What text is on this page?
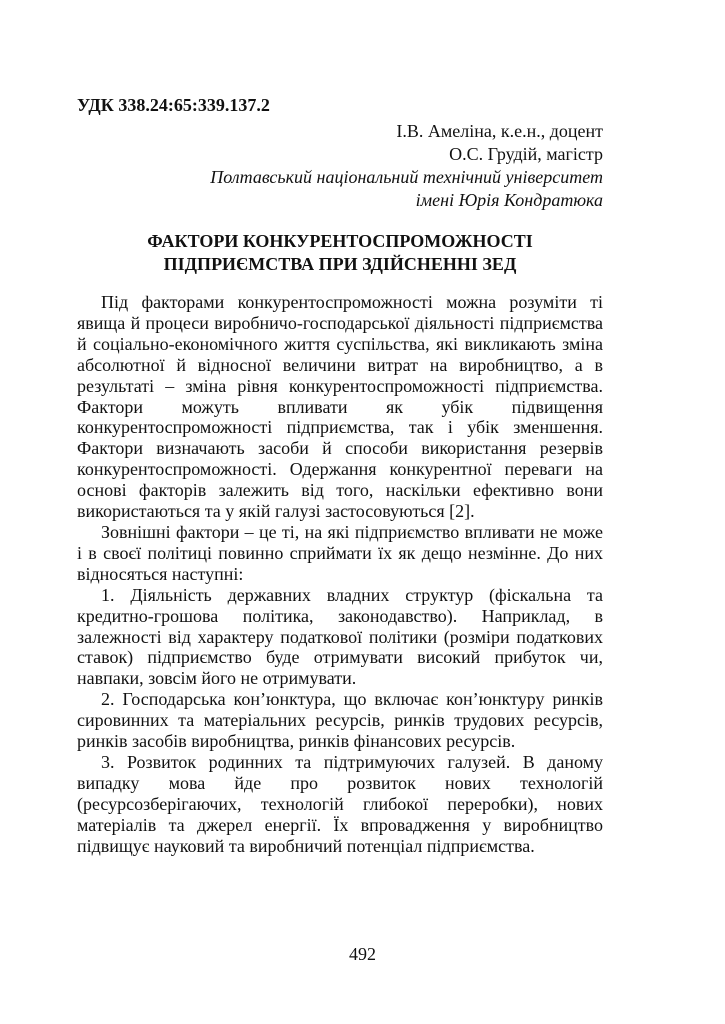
УДК 338.24:65:339.137.2
І.В. Амеліна, к.е.н., доцент
О.С. Грудій, магістр
Полтавський національний технічний університет
імені Юрія Кондратюка
ФАКТОРИ КОНКУРЕНТОСПРОМОЖНОСТІ
ПІДПРИЄМСТВА ПРИ ЗДІЙСНЕННІ ЗЕД

Під факторами конкурентоспроможності можна розуміти ті явища й процеси виробничо-господарської діяльності підприємства й соціально-економічного життя суспільства, які викликають зміна абсолютної й відносної величини витрат на виробництво, а в результаті – зміна рівня конкурентоспроможності підприємства. Фактори можуть впливати як убік підвищення конкурентоспроможності підприємства, так і убік зменшення. Фактори визначають засоби й способи використання резервів конкурентоспроможності. Одержання конкурентної переваги на основі факторів залежить від того, наскільки ефективно вони використаються та у якій галузі застосовуються [2].

Зовнішні фактори – це ті, на які підприємство впливати не може і в своєї політиці повинно сприймати їх як дещо незмінне. До них відносяться наступні:

1. Діяльність державних владних структур (фіскальна та кредитно-грошова політика, законодавство). Наприклад, в залежності від характеру податкової політики (розміри податкових ставок) підприємство буде отримувати високий прибуток чи, навпаки, зовсім його не отримувати.

2. Господарська кон’юнктура, що включає кон’юнктуру ринків сировинних та матеріальних ресурсів, ринків трудових ресурсів, ринків засобів виробництва, ринків фінансових ресурсів.

3. Розвиток родинних та підтримуючих галузей. В даному випадку мова йде про розвиток нових технологій (ресурсозберігаючих, технологій глибокої переробки), нових матеріалів та джерел енергії. Їх впровадження у виробництво підвищує науковий та виробничий потенціал підприємства.

492
